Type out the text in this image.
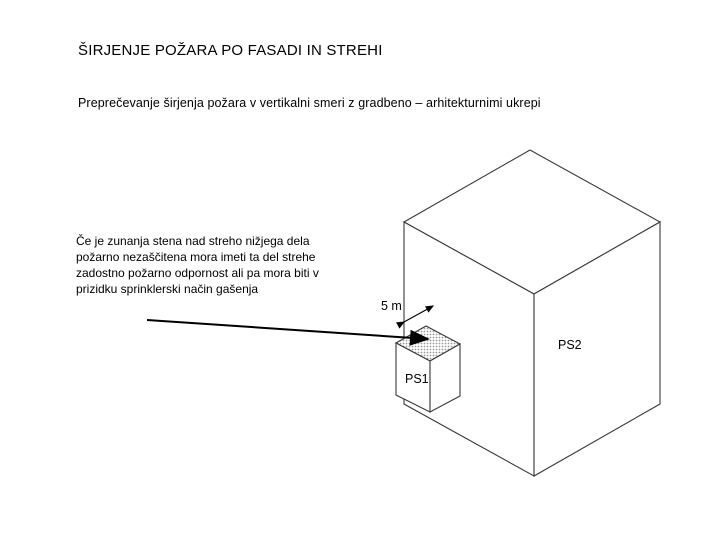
ŠIRJENJE POŽARA PO FASADI IN STREHI
Preprečevanje širjenja požara v vertikalni smeri z gradbeno – arhitekturnimi ukrepi
Če je zunanja stena nad streho nižjega dela
požarno nezaščitena mora imeti ta del strehe
zadostno požarno odpornost ali pa mora biti v
prizidku sprinklerski način gašenja
5 m
PS1
PS2
